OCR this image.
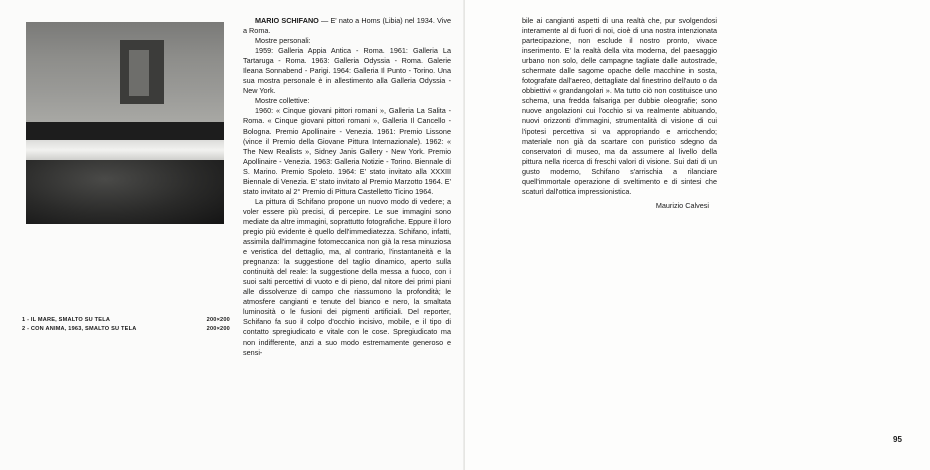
1 - IL MARE, SMALTO SU TELA	200×200
2 - CON ANIMA, 1963, SMALTO SU TELA	200×200

MARIO SCHIFANO — E' nato a Homs (Libia) nel 1934. Vive a Roma.

Mostre personali:

1959: Galleria Appia Antica - Roma. 1961: Galleria La Tartaruga - Roma. 1963: Galleria Odyssia - Roma. Galerie Ileana Sonnabend - Parigi. 1964: Galleria Il Punto - Torino. Una sua mostra personale è in allestimento alla Galleria Odyssia - New York.

Mostre collettive:

1960: « Cinque giovani pittori romani », Galleria La Salita - Roma. « Cinque giovani pittori romani », Galleria Il Cancello - Bologna. Premio Apollinaire - Venezia. 1961: Premio Lissone (vince il Premio della Giovane Pittura Internazionale). 1962: « The New Realists », Sidney Janis Gallery - New York. Premio Apollinaire - Venezia. 1963: Galleria Notizie - Torino. Biennale di S. Marino. Premio Spoleto. 1964: E' stato invitato alla XXXIII Biennale di Venezia. E' stato invitato al Premio Marzotto 1964. E' stato invitato al 2° Premio di Pittura Castelletto Ticino 1964.

La pittura di Schifano propone un nuovo modo di vedere; a voler essere più precisi, di percepire. Le sue immagini sono mediate da altre immagini, soprattutto fotografiche. Eppure il loro pregio più evidente è quello dell'immediatezza. Schifano, infatti, assimila dall'immagine fotomeccanica non già la resa minuziosa e veristica del dettaglio, ma, al contrario, l'instantaneità e la pregnanza: la suggestione del taglio dinamico, aperto sulla continuità del reale: la suggestione della messa a fuoco, con i suoi salti percettivi di vuoto e di pieno, dal nitore dei primi piani alle dissolvenze di campo che riassumono la profondità; le atmosfere cangianti e tenute del bianco e nero, la smaltata luminosità o le fusioni dei pigmenti artificiali. Del reporter, Schifano fa suo il colpo d'occhio incisivo, mobile, e il tipo di contatto spregiudicato e vitale con le cose. Spregiudicato ma non indifferente, anzi a suo modo estremamente generoso e sensi-

bile ai cangianti aspetti di una realtà che, pur svolgendosi interamente al di fuori di noi, cioè di una nostra intenzionata partecipazione, non esclude il nostro pronto, vivace inserimento. E' la realtà della vita moderna, del paesaggio urbano non solo, delle campagne tagliate dalle autostrade, schermate dalle sagome opache delle macchine in sosta, fotografate dall'aereo, dettagliate dal finestrino dell'auto o da obbiettivi « grandangolari ». Ma tutto ciò non costituisce uno schema, una fredda falsariga per dubbie oleografie; sono nuove angolazioni cui l'occhio si va realmente abituando, nuovi orizzonti d'immagini, strumentalità di visione di cui l'ipotesi percettiva si va appropriando e arricchendo; materiale non già da scartare con puristico sdegno da conservatori di museo, ma da assumere al livello della pittura nella ricerca di freschi valori di visione. Sui dati di un gusto moderno, Schifano s'arrischia a rilanciare quell'immortale operazione di sveltimento e di sintesi che scaturì dall'ottica impressionistica.

Maurizio Calvesi

95
